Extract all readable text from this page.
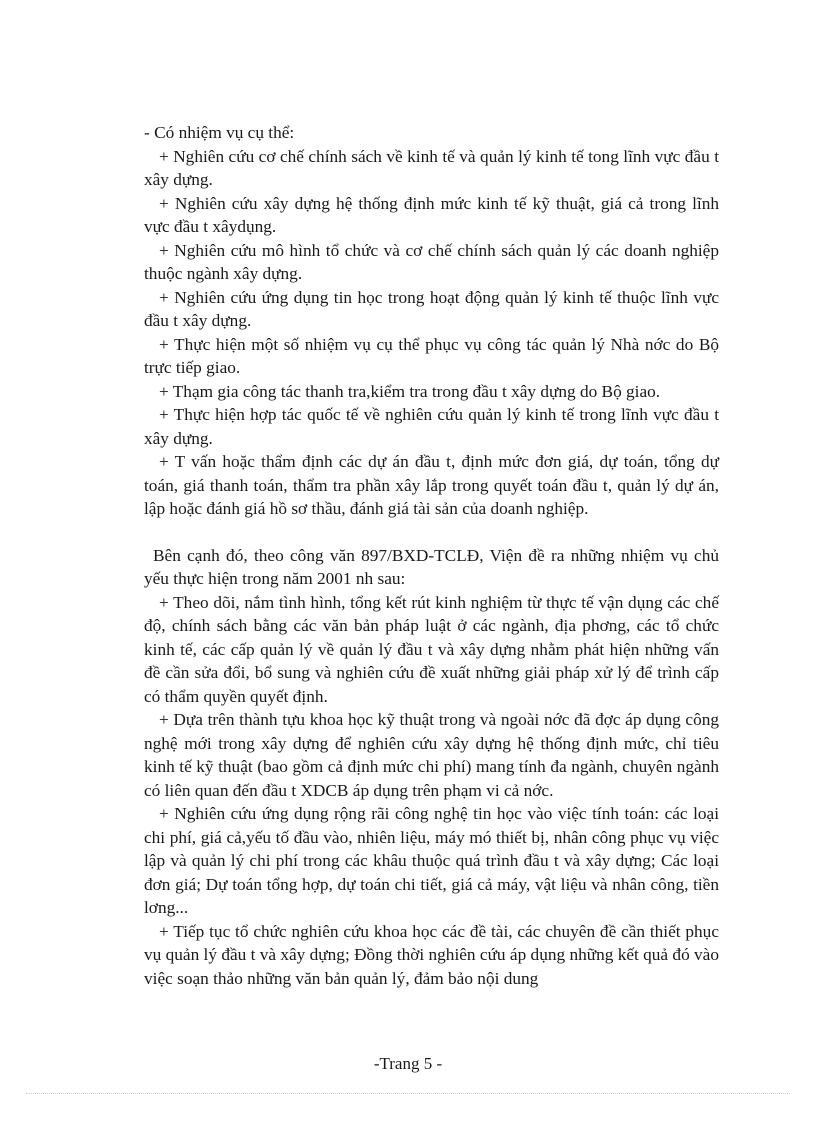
- Có nhiệm vụ cụ thể:

+ Nghiên cứu cơ chế chính sách về kinh tế và quản lý kinh tế tong lĩnh vực đầu t xây dựng.

+ Nghiên cứu xây dựng hệ thống định mức kinh tế kỹ thuật, giá cả trong lĩnh vực đầu t xâydụng.

+ Nghiên cứu mô hình tổ chức và cơ chế chính sách quản lý các doanh nghiệp thuộc ngành xây dựng.

+ Nghiên cứu ứng dụng tin học trong hoạt động quản lý kinh tế thuộc lĩnh vực đầu t xây dựng.

+ Thực hiện một số nhiệm vụ cụ thể phục vụ công tác quản lý Nhà nớc do Bộ trực tiếp giao.

+ Thạm gia công tác thanh tra,kiểm tra trong đầu t xây dựng do Bộ giao.

+ Thực hiện hợp tác quốc tế về nghiên cứu quản lý kinh tế trong lĩnh vực đầu t xây dựng.

+ T vấn hoặc thẩm định các dự án đầu t, định mức đơn giá, dự toán, tổng dự toán, giá thanh toán, thẩm tra phần xây lắp trong quyết toán đầu t, quản lý dự án, lập hoặc đánh giá hồ sơ thầu, đánh giá tài sản của doanh nghiệp.

Bên cạnh đó, theo công văn 897/BXD-TCLĐ, Viện đề ra những nhiệm vụ chủ yếu thực hiện trong năm 2001 nh sau:

+ Theo dõi, nắm tình hình, tổng kết rút kinh nghiệm từ thực tế vận dụng các chế độ, chính sách bằng các văn bản pháp luật ở các ngành, địa phơng, các tổ chức kinh tế, các cấp quản lý về quản lý đầu t và xây dựng nhằm phát hiện những vấn đề cần sửa đổi, bổ sung và nghiên cứu đề xuất những giải pháp xử lý để trình cấp có thẩm quyền quyết định.

+ Dựa trên thành tựu khoa học kỹ thuật trong và ngoài nớc đã đợc áp dụng công nghệ mới trong xây dựng để nghiên cứu xây dựng hệ thống định mức, chỉ tiêu kinh tế kỹ thuật (bao gồm cả định mức chi phí) mang tính đa ngành, chuyên ngành có liên quan đến đầu t XDCB áp dụng trên phạm vi cả nớc.

+ Nghiên cứu ứng dụng rộng rãi công nghệ tin học vào việc tính toán: các loại chi phí, giá cả,yếu tố đầu vào, nhiên liệu, máy mó thiết bị, nhân công phục vụ việc lập và quản lý chi phí trong các khâu thuộc quá trình đầu t và xây dựng; Các loại đơn giá; Dự toán tổng hợp, dự toán chi tiết, giá cả máy, vật liệu và nhân công, tiền lơng...

+ Tiếp tục tổ chức nghiên cứu khoa học các đề tài, các chuyên đề cần thiết phục vụ quản lý đầu t và xây dựng; Đồng thời nghiên cứu áp dụng những kết quả đó vào việc soạn thảo những văn bản quản lý, đảm bảo nội dung

-Trang 5 -
